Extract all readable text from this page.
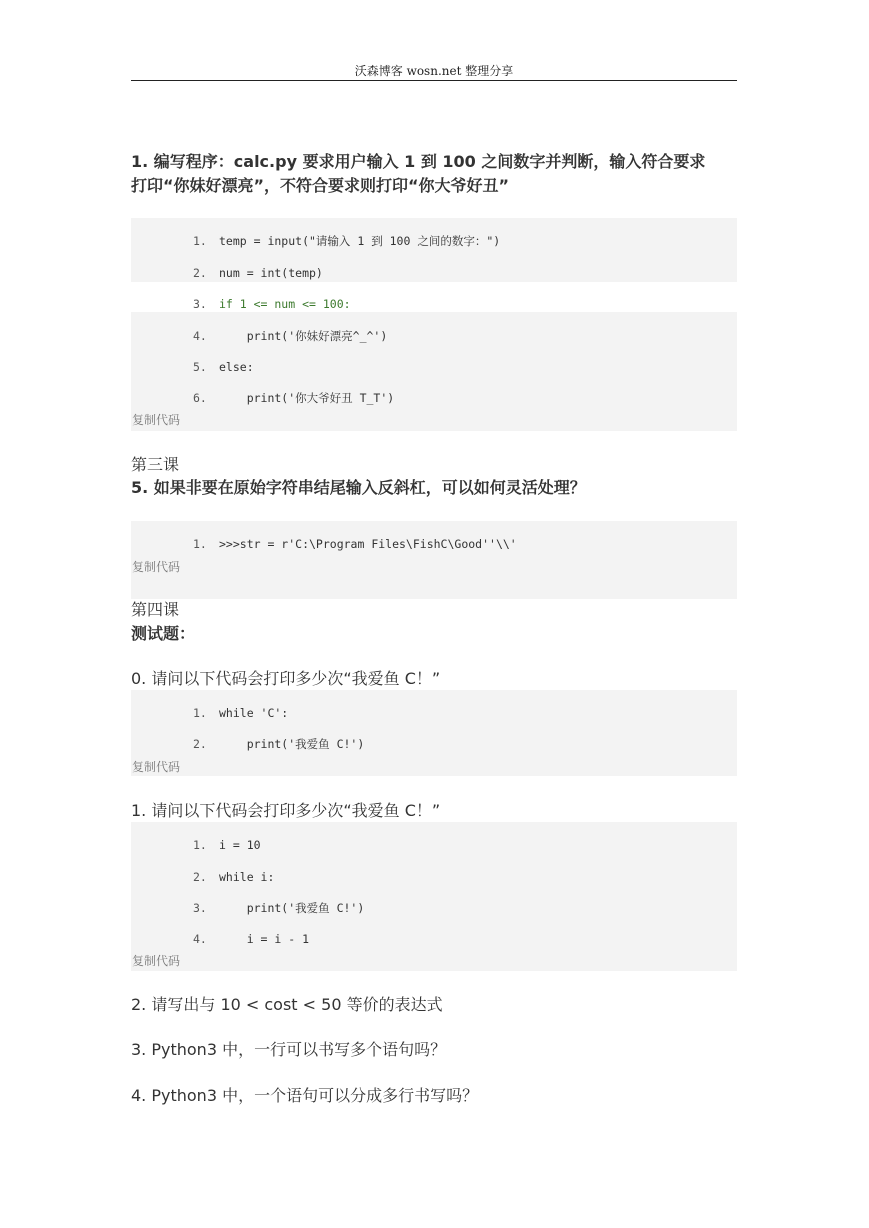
沃森博客 wosn.net 整理分享
1. 编写程序：calc.py 要求用户输入 1 到 100 之间数字并判断，输入符合要求
打印“你妹好漂亮”，不符合要求则打印“你大爷好丑”
1. temp = input("请输入 1 到 100 之间的数字：")
2. num = int(temp)
3. if 1 <= num <= 100:
4.    print('你妹好漂亮^_^')
5. else:
6.    print('你大爷好丑 T_T')
复制代码
第三课
5. 如果非要在原始字符串结尾输入反斜杠，可以如何灵活处理？
1. >>>str = r'C:\Program Files\FishC\Good''\\'
复制代码
第四课
测试题：
0. 请问以下代码会打印多少次“我爱鱼 C！”
1. while 'C':
2.    print('我爱鱼 C!')
复制代码
1. 请问以下代码会打印多少次“我爱鱼 C！”
1. i = 10
2. while i:
3.    print('我爱鱼 C!')
4.    i = i - 1
复制代码
2. 请写出与 10 < cost < 50 等价的表达式
3. Python3 中，一行可以书写多个语句吗？
4. Python3 中，一个语句可以分成多行书写吗？
